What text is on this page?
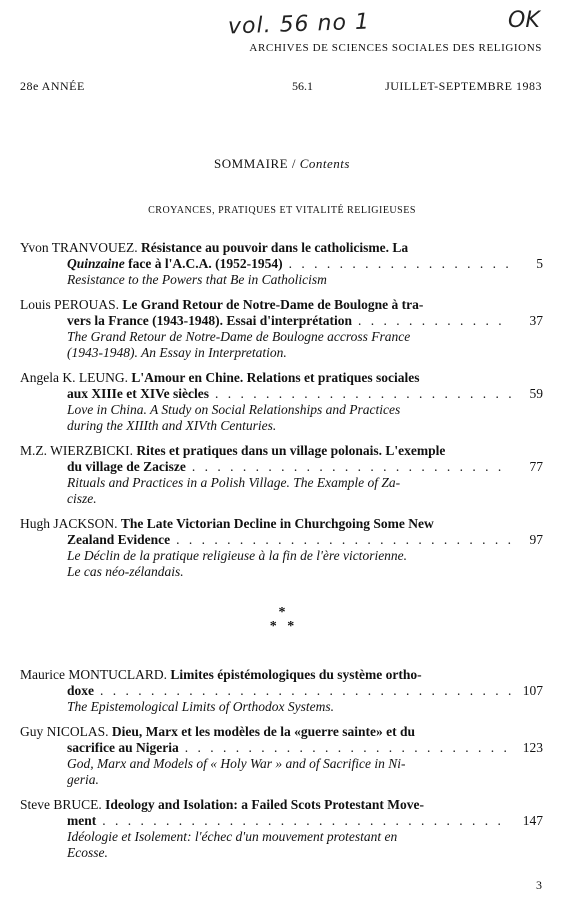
vol. 56 no 1	OK
ARCHIVES DE SCIENCES SOCIALES DES RELIGIONS
28e ANNÉE	56.1	JUILLET-SEPTEMBRE 1983
SOMMAIRE / Contents
CROYANCES, PRATIQUES ET VITALITÉ RELIGIEUSES
Yvon TRANVOUEZ. Résistance au pouvoir dans le catholicisme. La
Quinzaine face à l'A.C.A. (1952-1954) . . .	5
Resistance to the Powers that Be in Catholicism
Louis PEROUAS. Le Grand Retour de Notre-Dame de Boulogne à tra-
vers la France (1943-1948). Essai d'interprétation . . .	37
The Grand Retour de Notre-Dame de Boulogne accross France
(1943-1948). An Essay in Interpretation.
Angela K. LEUNG. L'Amour en Chine. Relations et pratiques sociales
aux XIIIe et XIVe siècles . . .	59
Love in China. A Study on Social Relationships and Practices
during the XIIIth and XIVth Centuries.
M.Z. WIERZBICKI. Rites et pratiques dans un village polonais. L'exemple
du village de Zacisze . . .	77
Rituals and Practices in a Polish Village. The Example of Za-
cisze.
Hugh JACKSON. The Late Victorian Decline in Churchgoing Some New
Zealand Evidence . . .	97
Le Déclin de la pratique religieuse à la fin de l'ère victorienne.
Le cas néo-zélandais.
*
*   *
Maurice MONTUCLARD. Limites épistémologiques du système ortho-
doxe . . .	107
The Epistemological Limits of Orthodox Systems.
Guy NICOLAS. Dieu, Marx et les modèles de la «guerre sainte» et du
sacrifice au Nigeria . . .	123
God, Marx and Models of « Holy War » and of Sacrifice in Ni-
geria.
Steve BRUCE. Ideology and Isolation: a Failed Scots Protestant Move-
ment . . .	147
Idéologie et Isolement: l'échec d'un mouvement protestant en
Ecosse.
3
